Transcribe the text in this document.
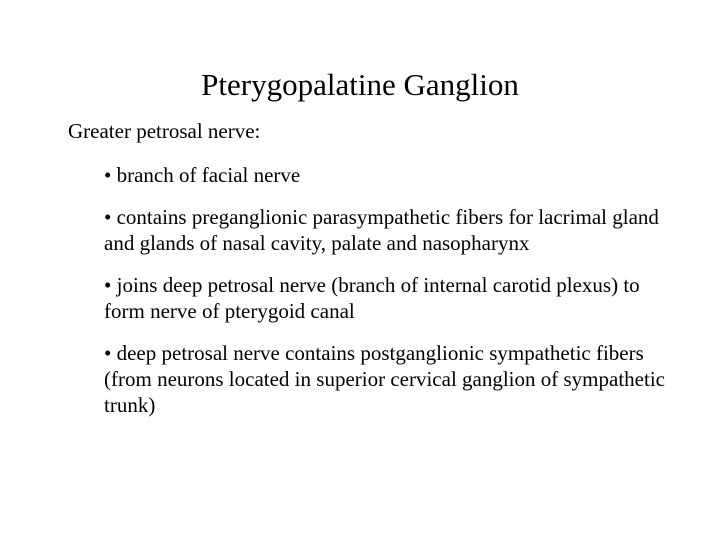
Pterygopalatine Ganglion

Greater petrosal nerve:

• branch of facial nerve
• contains preganglionic parasympathetic fibers for lacrimal gland and glands of nasal cavity, palate and nasopharynx
• joins deep petrosal nerve (branch of internal carotid plexus) to form nerve of pterygoid canal
• deep petrosal nerve contains postganglionic sympathetic fibers (from neurons located in superior cervical ganglion of sympathetic trunk)
